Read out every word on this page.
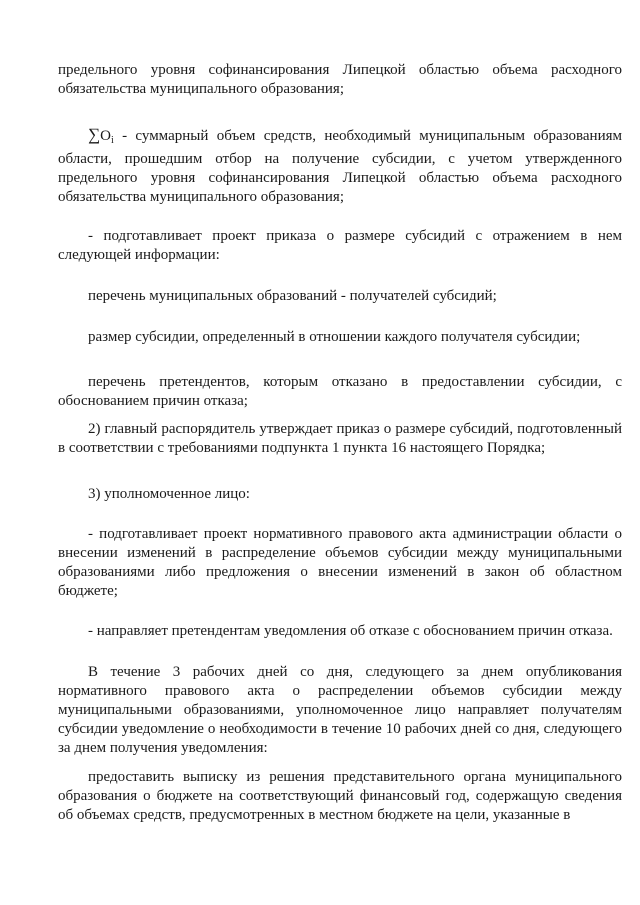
предельного уровня софинансирования Липецкой областью объема расходного обязательства муниципального образования;

$\sum O_i$ - суммарный объем средств, необходимый муниципальным образованиям области, прошедшим отбор на получение субсидии, с учетом утвержденного предельного уровня софинансирования Липецкой областью объема расходного обязательства муниципального образования;

- подготавливает проект приказа о размере субсидий с отражением в нем следующей информации:

перечень муниципальных образований - получателей субсидий;

размер субсидии, определенный в отношении каждого получателя субсидии;

перечень претендентов, которым отказано в предоставлении субсидии, с обоснованием причин отказа;

2) главный распорядитель утверждает приказ о размере субсидий, подготовленный в соответствии с требованиями подпункта 1 пункта 16 настоящего Порядка;

3) уполномоченное лицо:

- подготавливает проект нормативного правового акта администрации области о внесении изменений в распределение объемов субсидии между муниципальными образованиями либо предложения о внесении изменений в закон об областном бюджете;

- направляет претендентам уведомления об отказе с обоснованием причин отказа.

В течение 3 рабочих дней со дня, следующего за днем опубликования нормативного правового акта о распределении объемов субсидии между муниципальными образованиями, уполномоченное лицо направляет получателям субсидии уведомление о необходимости в течение 10 рабочих дней со дня, следующего за днем получения уведомления:

предоставить выписку из решения представительного органа муниципального образования о бюджете на соответствующий финансовый год, содержащую сведения об объемах средств, предусмотренных в местном бюджете на цели, указанные в
